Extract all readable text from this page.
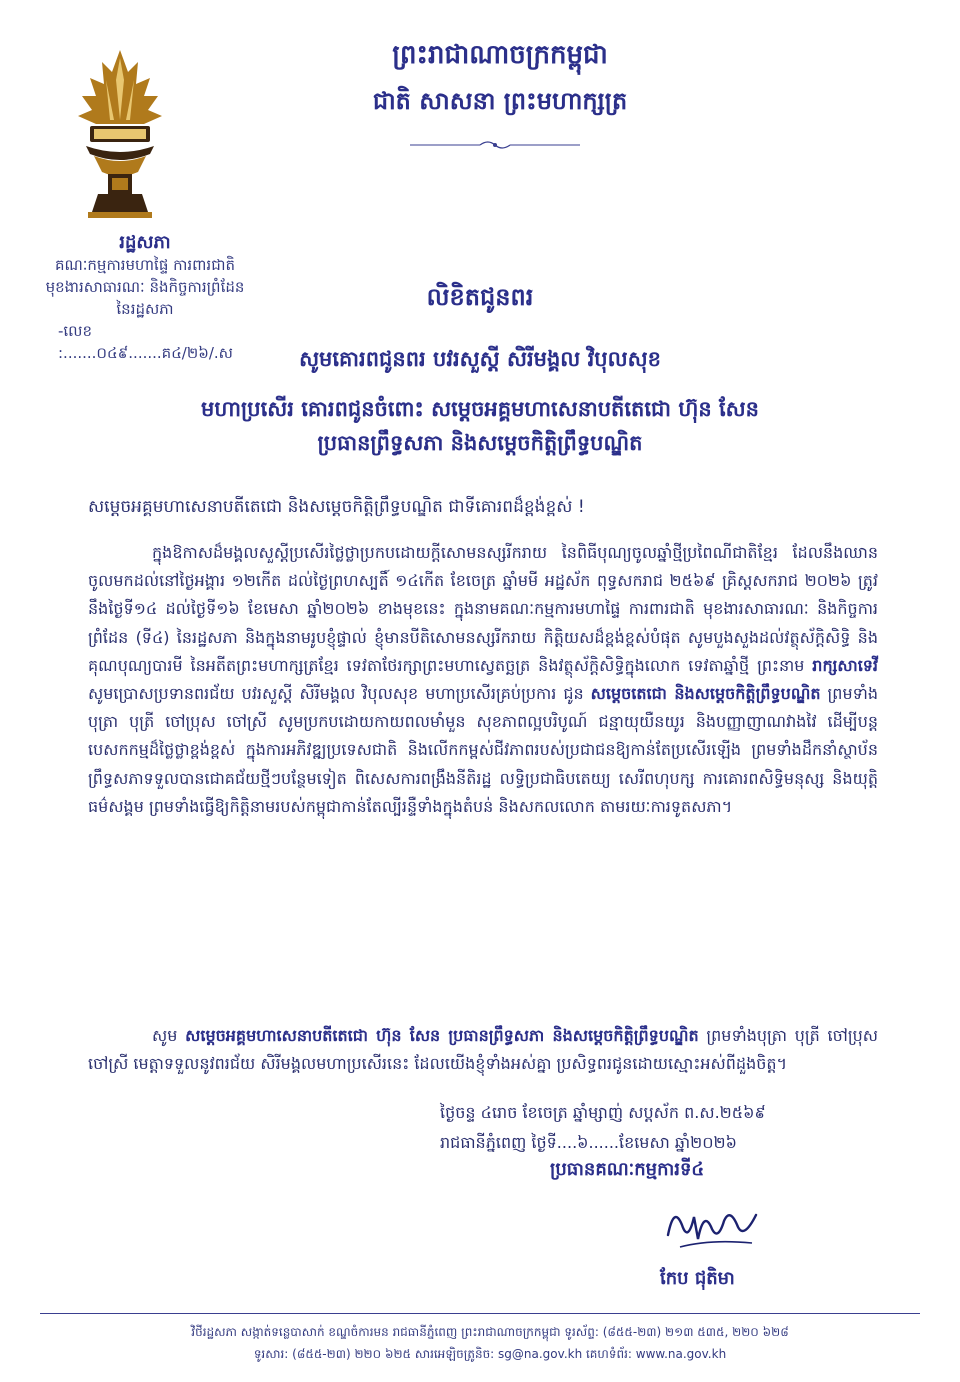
ព្រះរាជាណាចក្រកម្ពុជា
ជាតិ សាសនា ព្រះមហាក្សត្រ
រដ្ឋសភា
គណៈកម្មការមហាផ្ទៃ ការពារជាតិ
មុខងារសាធារណៈ និងកិច្ចការព្រំដែន
នៃរដ្ឋសភា
-លេខ :.......០៤៩.......គ៤/២៦/.ស
លិខិតជូនពរ
សូមគោរពជូនពរ បវរសួស្តី សិរីមង្គល វិបុលសុខ
មហាប្រសើរ គោរពជូនចំពោះ សម្តេចអគ្គមហាសេនាបតីតេជោ ហ៊ុន សែន
ប្រធានព្រឹទ្ធសភា និងសម្តេចកិត្តិព្រឹទ្ធបណ្ឌិត
សម្តេចអគ្គមហាសេនាបតីតេជោ និងសម្តេចកិត្តិព្រឹទ្ធបណ្ឌិត ជាទីគោរពដ៏ខ្ពង់ខ្ពស់ !
ក្នុងឱកាសដ៏មង្គលសួស្តីប្រសើរថ្លៃថ្លាប្រកបដោយក្តីសោមនស្សរីករាយ នៃពិធីបុណ្យចូលឆ្នាំថ្មីប្រពៃណីជាតិខ្មែរ ដែលនឹងឈានចូលមកដល់នៅថ្ងៃអង្គារ ១២កើត ដល់ថ្ងៃព្រហស្បតិ៍ ១៤កើត ខែចេត្រ ឆ្នាំមមី អដ្ឋស័ក ពុទ្ធសករាជ ២៥៦៩ គ្រិស្តសករាជ ២០២៦ ត្រូវនឹងថ្ងៃទី១៤ ដល់ថ្ងៃទី១៦ ខែមេសា ឆ្នាំ២០២៦ ខាងមុខនេះ ក្នុងនាមគណៈកម្មការមហាផ្ទៃ ការពារជាតិ មុខងារសាធារណៈ និងកិច្ចការព្រំដែន (ទី៤) នៃរដ្ឋសភា និងក្នុងនាមរូបខ្ញុំផ្ទាល់ ខ្ញុំមានបីតិសោមនស្សរីករាយ កិត្តិយសដ៏ខ្ពង់ខ្ពស់បំផុត សូមបួងសួងដល់វត្ថុស័ក្តិសិទ្ធិ និងគុណបុណ្យបារមី នៃអតីតព្រះមហាក្សត្រខ្មែរ ទេវតាថែរក្សាព្រះមហាស្វេតច្ឆត្រ និងវត្ថុស័ក្តិសិទ្ធិក្នុងលោក ទេវតាឆ្នាំថ្មី ព្រះនាម រាក្សសាទេវី សូមប្រោសប្រទានពរជ័យ បវរសួស្តី សិរីមង្គល វិបុលសុខ មហាប្រសើរគ្រប់ប្រការ ជូន សម្តេចតេជោ និងសម្តេចកិត្តិព្រឹទ្ធបណ្ឌិត ព្រមទាំងបុត្រា បុត្រី ចៅប្រុស ចៅស្រី សូមប្រកបដោយកាយពលមាំមួន សុខភាពល្អបរិបូណ៍ ជន្មាយុយឺនយូរ និងបញ្ញាញាណវាងវៃ ដើម្បីបន្តបេសកកម្មដ៏ថ្លៃថ្លាខ្ពង់ខ្ពស់ ក្នុងការអភិវឌ្ឍប្រទេសជាតិ និងលើកកម្ពស់ជីវភាពរបស់ប្រជាជនឱ្យកាន់តែប្រសើរឡើង ព្រមទាំងដឹកនាំស្ថាប័នព្រឹទ្ធសភាទទួលបានជោគជ័យថ្មីៗបន្ថែមទៀត ពិសេសការពង្រឹងនីតិរដ្ឋ លទ្ធិប្រជាធិបតេយ្យ សេរីពហុបក្ស ការគោរពសិទ្ធិមនុស្ស និងយុត្តិធម៌សង្គម ព្រមទាំងធ្វើឱ្យកិត្តិនាមរបស់កម្ពុជាកាន់តែល្បីរន្ទឺទាំងក្នុងតំបន់ និងសកលលោក តាមរយៈការទូតសភា។
សូម សម្តេចអគ្គមហាសេនាបតីតេជោ ហ៊ុន សែន ប្រធានព្រឹទ្ធសភា និងសម្តេចកិត្តិព្រឹទ្ធបណ្ឌិត ព្រមទាំងបុត្រា បុត្រី ចៅប្រុស ចៅស្រី មេត្តាទទួលនូវពរជ័យ សិរីមង្គលមហាប្រសើរនេះ ដែលយើងខ្ញុំទាំងអស់គ្នា ប្រសិទ្ធពរជូនដោយស្មោះអស់ពីដួងចិត្ត។
ថ្ងៃចន្ទ ៤រោច ខែចេត្រ ឆ្នាំម្សាញ់ សប្តស័ក ព.ស.២៥៦៩
រាជធានីភ្នំពេញ ថ្ងៃទី....៦......ខែមេសា ឆ្នាំ២០២៦
ប្រធានគណៈកម្មការទី៤
កែប ជុតិមា
វិថីរដ្ឋសភា សង្កាត់ទន្លេបាសាក់ ខណ្ឌចំការមន រាជធានីភ្នំពេញ ព្រះរាជាណាចក្រកម្ពុជា ទូរស័ព្ទ: (៨៥៥-២៣) ២១៣ ៥៣៥, ២២០ ៦២៨
ទូរសារ: (៨៥៥-២៣) ២២០ ៦២៥ សារអេឡិចត្រូនិច: sg@na.gov.kh គេហទំព័រ: www.na.gov.kh
